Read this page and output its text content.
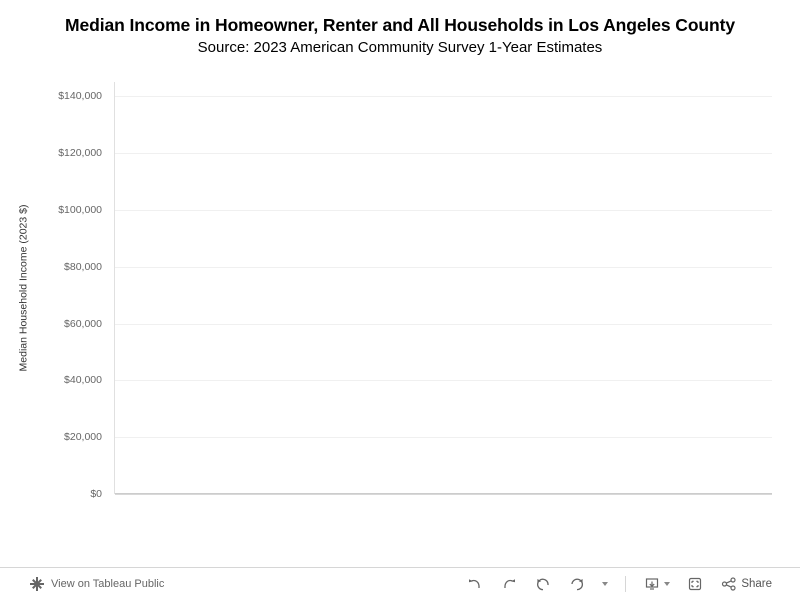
Median Income in Homeowner, Renter and All Households in Los Angeles County
Source: 2023 American Community Survey 1-Year Estimates
Median Household Income (2023 $)
$0
$20,000
$40,000
$60,000
$80,000
$100,000
$120,000
$140,000
View on Tableau Public	Share
